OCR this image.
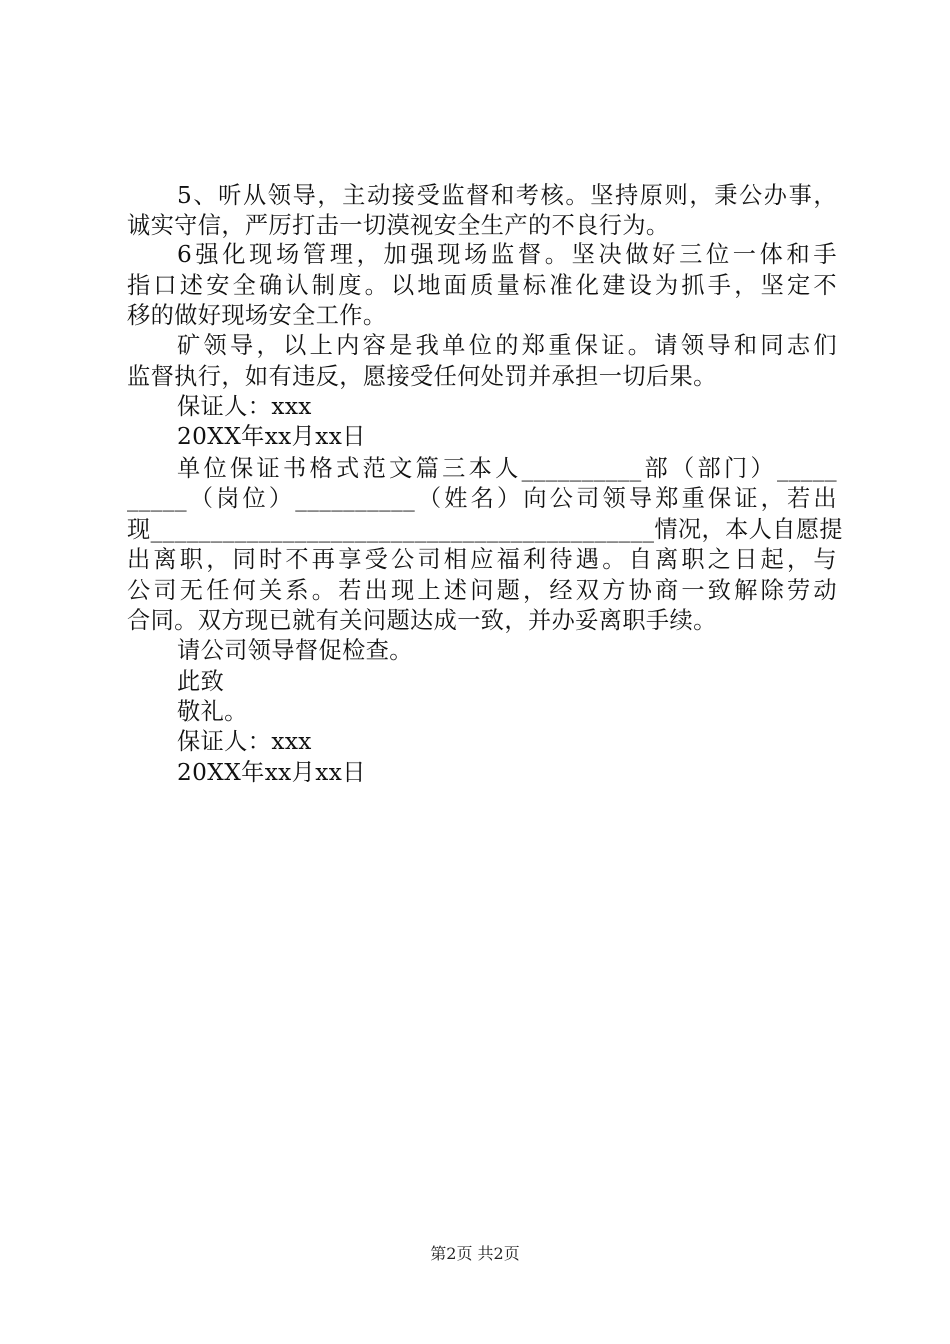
5、听从领导，主动接受监督和考核。坚持原则，秉公办事，
诚实守信，严厉打击一切漠视安全生产的不良行为。
6强化现场管理，加强现场监督。坚决做好三位一体和手
指口述安全确认制度。以地面质量标准化建设为抓手，坚定不
移的做好现场安全工作。
矿领导，以上内容是我单位的郑重保证。请领导和同志们
监督执行，如有违反，愿接受任何处罚并承担一切后果。
保证人：xxx
20XX年xx月xx日
单位保证书格式范文篇三本人__________部（部门）_____
_____（岗位）__________（姓名）向公司领导郑重保证，若出
现__________________________________________情况，本人自愿提
出离职，同时不再享受公司相应福利待遇。自离职之日起，与
公司无任何关系。若出现上述问题，经双方协商一致解除劳动
合同。双方现已就有关问题达成一致，并办妥离职手续。
请公司领导督促检查。
此致
敬礼。
保证人：xxx
20XX年xx月xx日
第2页 共2页
